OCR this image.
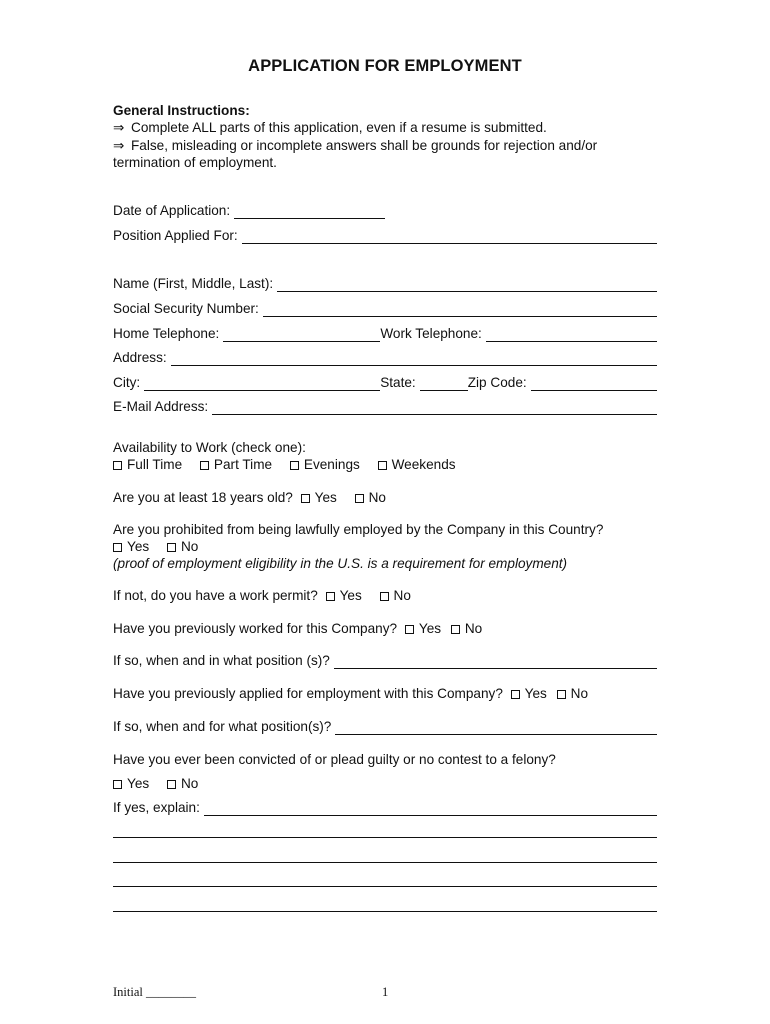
APPLICATION FOR EMPLOYMENT
General Instructions:
⇒ Complete ALL parts of this application, even if a resume is submitted.
⇒ False, misleading or incomplete answers shall be grounds for rejection and/or
termination of employment.
Date of Application:
Position Applied For:
Name (First, Middle, Last):
Social Security Number:
Home Telephone:	Work Telephone:
Address:
City:	State:	Zip Code:
E-Mail Address:
Availability to Work (check one):
Full Time Part Time Evenings Weekends
Are you at least 18 years old? Yes No
Are you prohibited from being lawfully employed by the Company in this Country?
Yes No
(proof of employment eligibility in the U.S. is a requirement for employment)
If not, do you have a work permit? Yes No
Have you previously worked for this Company? Yes No
If so, when and in what position (s)?
Have you previously applied for employment with this Company? Yes No
If so, when and for what position(s)?
Have you ever been convicted of or plead guilty or no contest to a felony?
Yes No
If yes, explain:
Initial ________	1
